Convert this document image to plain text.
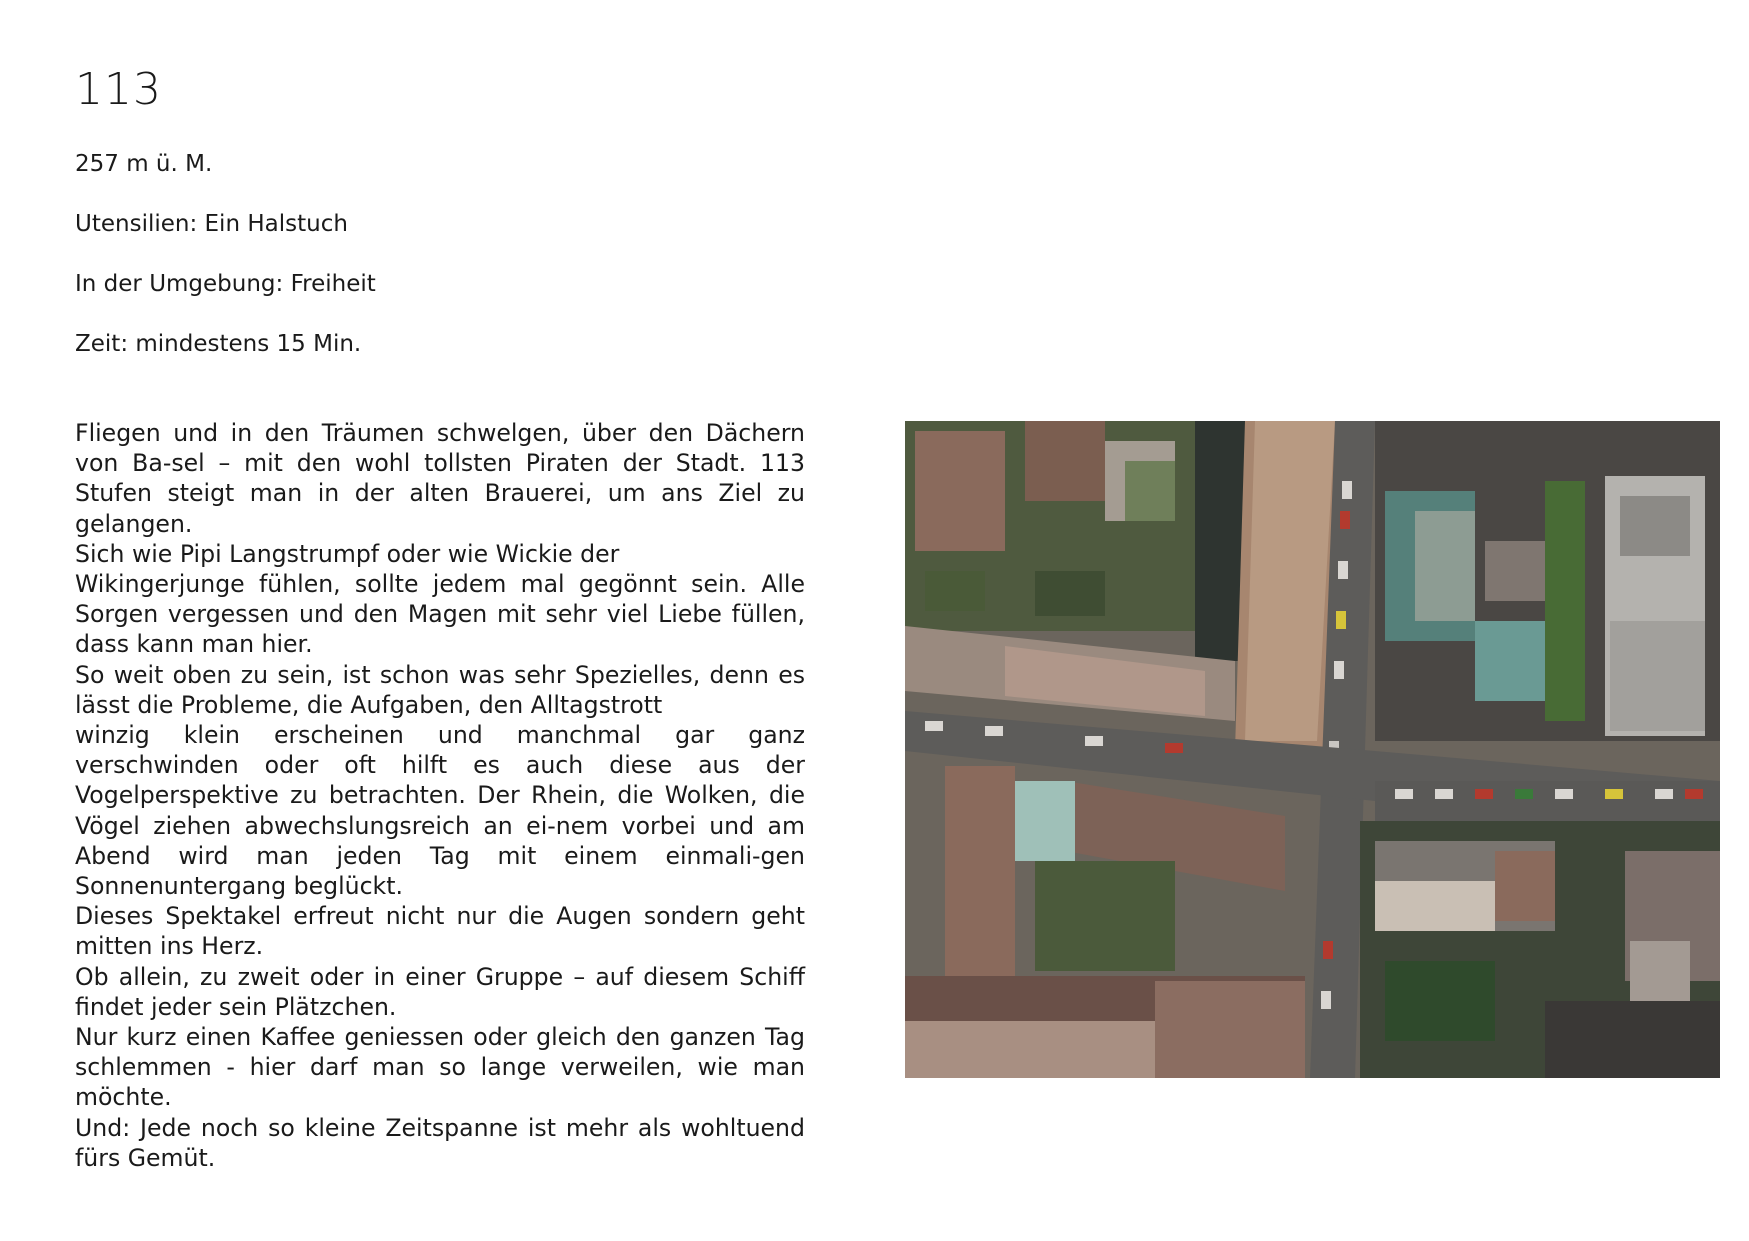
113
257 m ü. M.
Utensilien: Ein Halstuch
In der Umgebung: Freiheit
Zeit: mindestens 15 Min.

Fliegen und in den Träumen schwelgen, über den Dächern von Ba-sel – mit den wohl tollsten Piraten der Stadt. 113 Stufen steigt man in der alten Brauerei, um ans Ziel zu gelangen.

Sich wie Pipi Langstrumpf oder wie Wickie der

Wikingerjunge fühlen, sollte jedem mal gegönnt sein. Alle Sorgen vergessen und den Magen mit sehr viel Liebe füllen, dass kann man hier.

So weit oben zu sein, ist schon was sehr Spezielles, denn es lässt die Probleme, die Aufgaben, den Alltagstrott

winzig klein erscheinen und manchmal gar ganz verschwinden oder oft hilft es auch diese aus der Vogelperspektive zu betrachten. Der Rhein, die Wolken, die Vögel ziehen abwechslungsreich an ei-nem vorbei und am Abend wird man jeden Tag mit einem einmali-gen Sonnenuntergang beglückt.

Dieses Spektakel erfreut nicht nur die Augen sondern geht mitten ins Herz.

Ob allein, zu zweit oder in einer Gruppe – auf diesem Schiff findet jeder sein Plätzchen.

Nur kurz einen Kaffee geniessen oder gleich den ganzen Tag schlemmen - hier darf man so lange verweilen, wie man möchte.

Und: Jede noch so kleine Zeitspanne ist mehr als wohltuend fürs Gemüt.
